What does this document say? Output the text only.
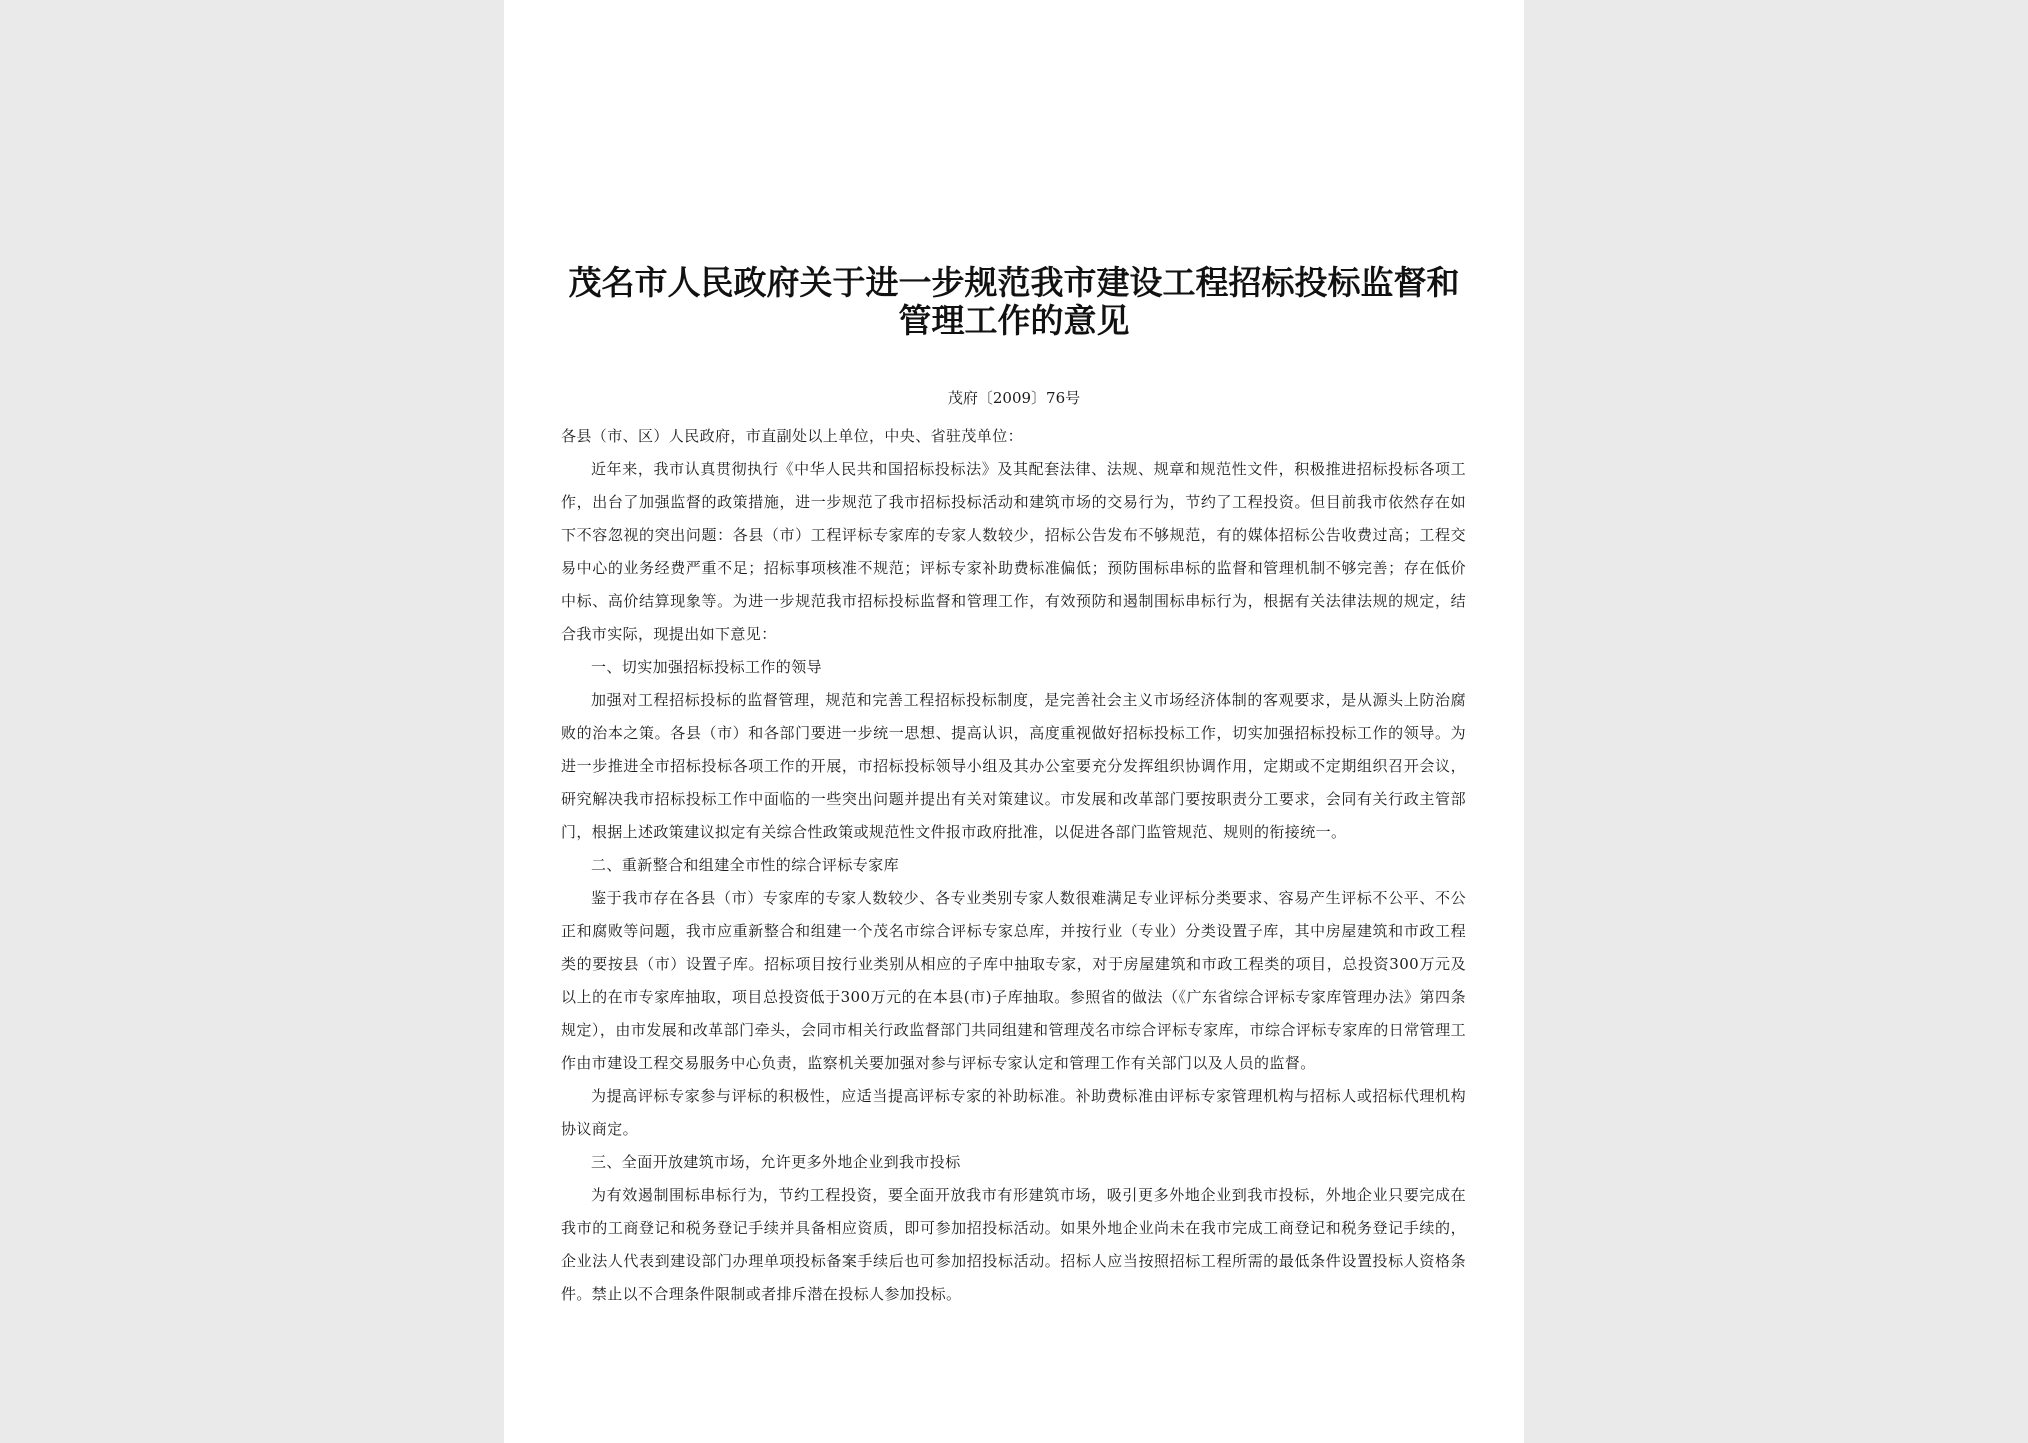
茂名市人民政府关于进一步规范我市建设工程招标投标监督和管理工作的意见
茂府〔2009〕76号

各县（市、区）人民政府，市直副处以上单位，中央、省驻茂单位：

近年来，我市认真贯彻执行《中华人民共和国招标投标法》及其配套法律、法规、规章和规范性文件，积极推进招标投标各项工作，出台了加强监督的政策措施，进一步规范了我市招标投标活动和建筑市场的交易行为，节约了工程投资。但目前我市依然存在如下不容忽视的突出问题：各县（市）工程评标专家库的专家人数较少，招标公告发布不够规范，有的媒体招标公告收费过高；工程交易中心的业务经费严重不足；招标事项核准不规范；评标专家补助费标准偏低；预防围标串标的监督和管理机制不够完善；存在低价中标、高价结算现象等。为进一步规范我市招标投标监督和管理工作，有效预防和遏制围标串标行为，根据有关法律法规的规定，结合我市实际，现提出如下意见：

一、切实加强招标投标工作的领导

加强对工程招标投标的监督管理，规范和完善工程招标投标制度，是完善社会主义市场经济体制的客观要求，是从源头上防治腐败的治本之策。各县（市）和各部门要进一步统一思想、提高认识，高度重视做好招标投标工作，切实加强招标投标工作的领导。为进一步推进全市招标投标各项工作的开展，市招标投标领导小组及其办公室要充分发挥组织协调作用，定期或不定期组织召开会议，研究解决我市招标投标工作中面临的一些突出问题并提出有关对策建议。市发展和改革部门要按职责分工要求，会同有关行政主管部门，根据上述政策建议拟定有关综合性政策或规范性文件报市政府批准，以促进各部门监管规范、规则的衔接统一。

二、重新整合和组建全市性的综合评标专家库

鉴于我市存在各县（市）专家库的专家人数较少、各专业类别专家人数很难满足专业评标分类要求、容易产生评标不公平、不公正和腐败等问题，我市应重新整合和组建一个茂名市综合评标专家总库，并按行业（专业）分类设置子库，其中房屋建筑和市政工程类的要按县（市）设置子库。招标项目按行业类别从相应的子库中抽取专家，对于房屋建筑和市政工程类的项目，总投资300万元及以上的在市专家库抽取，项目总投资低于300万元的在本县(市)子库抽取。参照省的做法（《广东省综合评标专家库管理办法》第四条规定），由市发展和改革部门牵头，会同市相关行政监督部门共同组建和管理茂名市综合评标专家库，市综合评标专家库的日常管理工作由市建设工程交易服务中心负责，监察机关要加强对参与评标专家认定和管理工作有关部门以及人员的监督。

为提高评标专家参与评标的积极性，应适当提高评标专家的补助标准。补助费标准由评标专家管理机构与招标人或招标代理机构协议商定。

三、全面开放建筑市场，允许更多外地企业到我市投标

为有效遏制围标串标行为，节约工程投资，要全面开放我市有形建筑市场，吸引更多外地企业到我市投标，外地企业只要完成在我市的工商登记和税务登记手续并具备相应资质，即可参加招投标活动。如果外地企业尚未在我市完成工商登记和税务登记手续的，企业法人代表到建设部门办理单项投标备案手续后也可参加招投标活动。招标人应当按照招标工程所需的最低条件设置投标人资格条件。禁止以不合理条件限制或者排斥潜在投标人参加投标。
